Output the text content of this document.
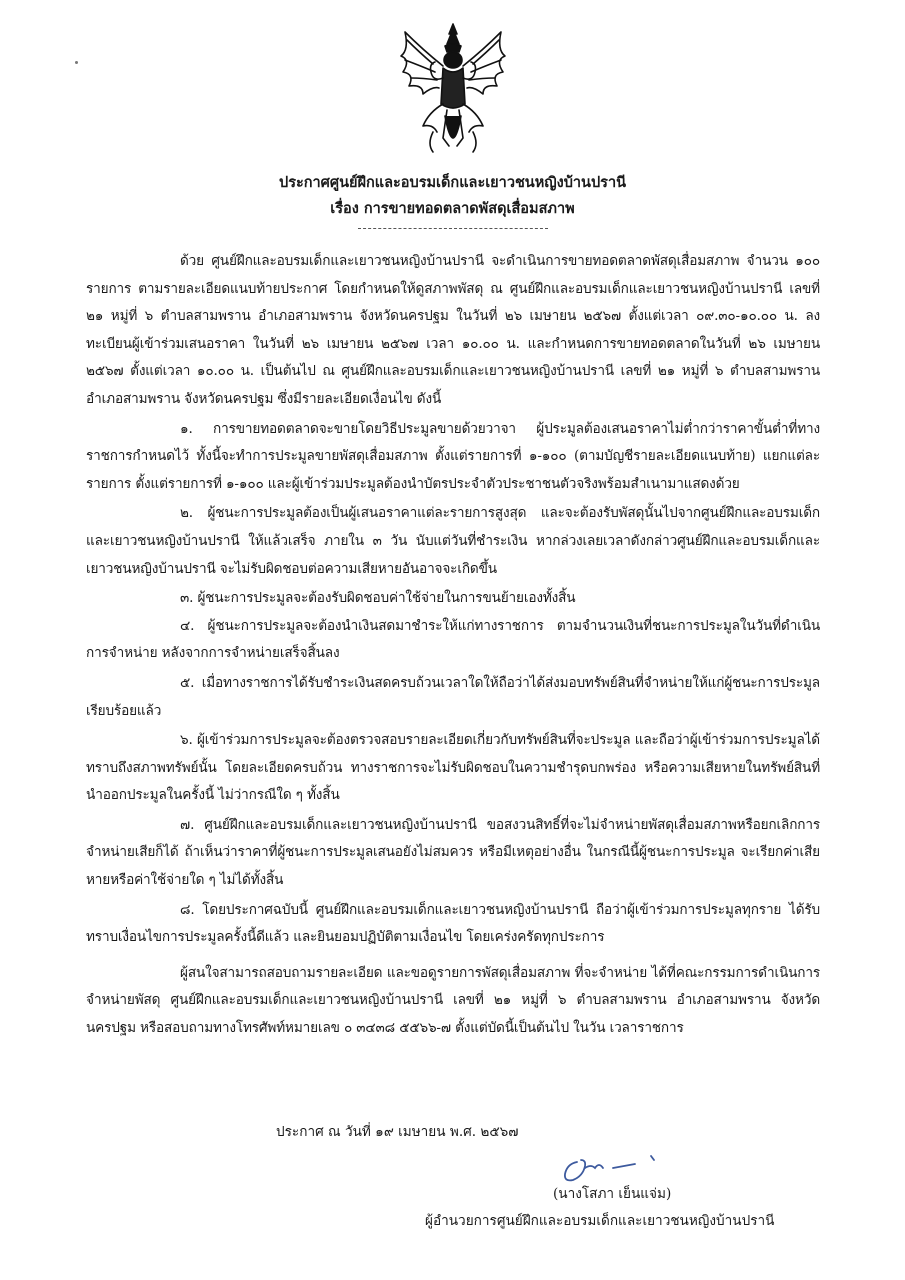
ประกาศศูนย์ฝึกและอบรมเด็กและเยาวชนหญิงบ้านปรานี
เรื่อง การขายทอดตลาดพัสดุเสื่อมสภาพ

ด้วย ศูนย์ฝึกและอบรมเด็กและเยาวชนหญิงบ้านปรานี จะดำเนินการขายทอดตลาดพัสดุเสื่อมสภาพ จำนวน ๑๐๐ รายการ ตามรายละเอียดแนบท้ายประกาศ โดยกำหนดให้ดูสภาพพัสดุ ณ ศูนย์ฝึกและอบรมเด็กและเยาวชนหญิงบ้านปรานี เลขที่ ๒๑ หมู่ที่ ๖ ตำบลสามพราน อำเภอสามพราน จังหวัดนครปฐม ในวันที่ ๒๖ เมษายน ๒๕๖๗ ตั้งแต่เวลา ๐๙.๓๐-๑๐.๐๐ น. ลงทะเบียนผู้เข้าร่วมเสนอราคา ในวันที่ ๒๖ เมษายน ๒๕๖๗ เวลา ๑๐.๐๐ น. และกำหนดการขายทอดตลาดในวันที่ ๒๖ เมษายน ๒๕๖๗ ตั้งแต่เวลา ๑๐.๐๐ น. เป็นต้นไป ณ ศูนย์ฝึกและอบรมเด็กและเยาวชนหญิงบ้านปรานี เลขที่ ๒๑ หมู่ที่ ๖ ตำบลสามพราน อำเภอสามพราน จังหวัดนครปฐม ซึ่งมีรายละเอียดเงื่อนไข ดังนี้

๑. การขายทอดตลาดจะขายโดยวิธีประมูลขายด้วยวาจา ผู้ประมูลต้องเสนอราคาไม่ต่ำกว่าราคาขั้นต่ำที่ทางราชการกำหนดไว้ ทั้งนี้จะทำการประมูลขายพัสดุเสื่อมสภาพ ตั้งแต่รายการที่ ๑-๑๐๐ (ตามบัญชีรายละเอียดแนบท้าย) แยกแต่ละรายการ ตั้งแต่รายการที่ ๑-๑๐๐ และผู้เข้าร่วมประมูลต้องนำบัตรประจำตัวประชาชนตัวจริงพร้อมสำเนามาแสดงด้วย

๒. ผู้ชนะการประมูลต้องเป็นผู้เสนอราคาแต่ละรายการสูงสุด และจะต้องรับพัสดุนั้นไปจากศูนย์ฝึกและอบรมเด็กและเยาวชนหญิงบ้านปรานี ให้แล้วเสร็จ ภายใน ๓ วัน นับแต่วันที่ชำระเงิน หากล่วงเลยเวลาดังกล่าวศูนย์ฝึกและอบรมเด็กและเยาวชนหญิงบ้านปรานี จะไม่รับผิดชอบต่อความเสียหายอันอาจจะเกิดขึ้น

๓. ผู้ชนะการประมูลจะต้องรับผิดชอบค่าใช้จ่ายในการขนย้ายเองทั้งสิ้น

๔. ผู้ชนะการประมูลจะต้องนำเงินสดมาชำระให้แก่ทางราชการ ตามจำนวนเงินที่ชนะการประมูลในวันที่ดำเนินการจำหน่าย หลังจากการจำหน่ายเสร็จสิ้นลง

๕. เมื่อทางราชการได้รับชำระเงินสดครบถ้วนเวลาใดให้ถือว่าได้ส่งมอบทรัพย์สินที่จำหน่ายให้แก่ผู้ชนะการประมูลเรียบร้อยแล้ว

๖. ผู้เข้าร่วมการประมูลจะต้องตรวจสอบรายละเอียดเกี่ยวกับทรัพย์สินที่จะประมูล และถือว่าผู้เข้าร่วมการประมูลได้ทราบถึงสภาพทรัพย์นั้น โดยละเอียดครบถ้วน ทางราชการจะไม่รับผิดชอบในความชำรุดบกพร่อง หรือความเสียหายในทรัพย์สินที่นำออกประมูลในครั้งนี้ ไม่ว่ากรณีใด ๆ ทั้งสิ้น

๗. ศูนย์ฝึกและอบรมเด็กและเยาวชนหญิงบ้านปรานี ขอสงวนสิทธิ์ที่จะไม่จำหน่ายพัสดุเสื่อมสภาพหรือยกเลิกการจำหน่ายเสียก็ได้ ถ้าเห็นว่าราคาที่ผู้ชนะการประมูลเสนอยังไม่สมควร หรือมีเหตุอย่างอื่น ในกรณีนี้ผู้ชนะการประมูล จะเรียกค่าเสียหายหรือค่าใช้จ่ายใด ๆ ไม่ได้ทั้งสิ้น

๘. โดยประกาศฉบับนี้ ศูนย์ฝึกและอบรมเด็กและเยาวชนหญิงบ้านปรานี ถือว่าผู้เข้าร่วมการประมูลทุกราย ได้รับทราบเงื่อนไขการประมูลครั้งนี้ดีแล้ว และยินยอมปฏิบัติตามเงื่อนไข โดยเคร่งครัดทุกประการ

ผู้สนใจสามารถสอบถามรายละเอียด และขอดูรายการพัสดุเสื่อมสภาพ ที่จะจำหน่าย ได้ที่คณะกรรมการดำเนินการจำหน่ายพัสดุ ศูนย์ฝึกและอบรมเด็กและเยาวชนหญิงบ้านปรานี เลขที่ ๒๑ หมู่ที่ ๖ ตำบลสามพราน อำเภอสามพราน จังหวัดนครปฐม หรือสอบถามทางโทรศัพท์หมายเลข ๐ ๓๔๓๘ ๕๕๖๖-๗ ตั้งแต่บัดนี้เป็นต้นไป ในวัน เวลาราชการ

ประกาศ ณ วันที่ ๑๙ เมษายน พ.ศ. ๒๕๖๗
(นางโสภา เย็นแจ่ม)
ผู้อำนวยการศูนย์ฝึกและอบรมเด็กและเยาวชนหญิงบ้านปรานี
